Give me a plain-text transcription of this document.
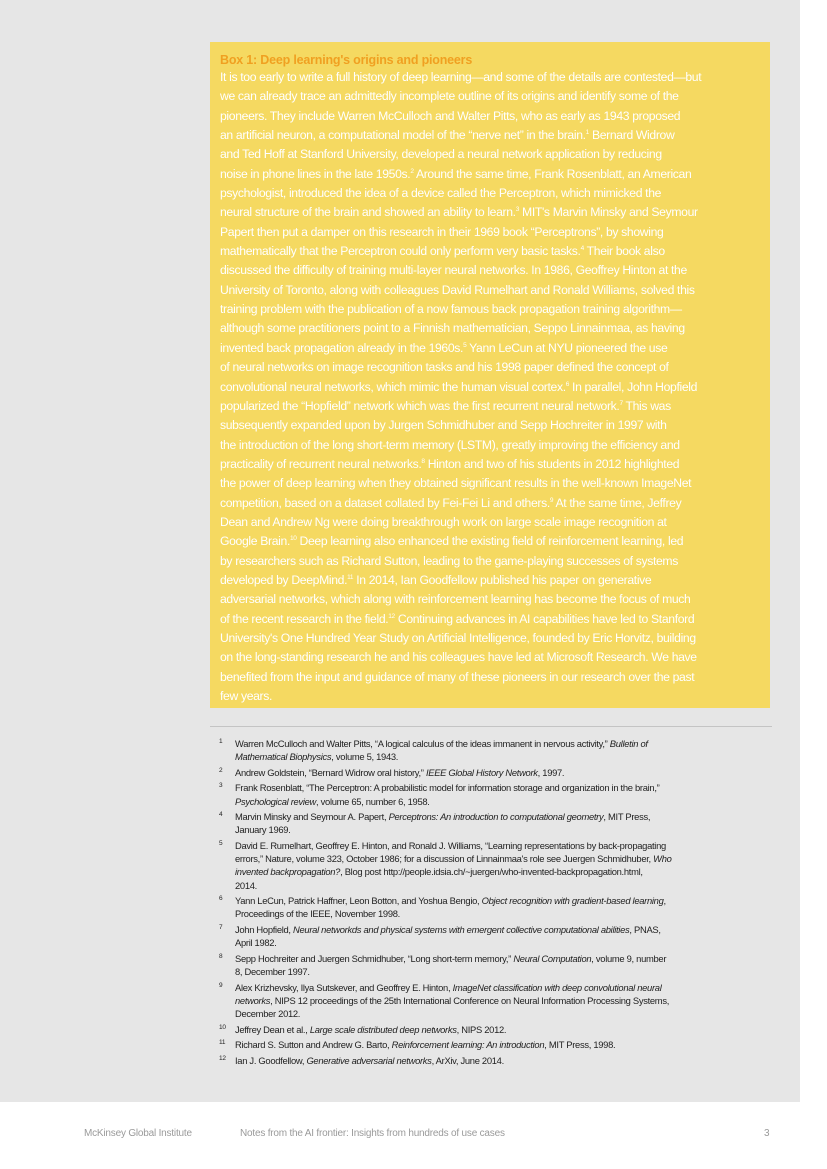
Box 1: Deep learning's origins and pioneers

It is too early to write a full history of deep learning—and some of the details are contested—but
we can already trace an admittedly incomplete outline of its origins and identify some of the
pioneers. They include Warren McCulloch and Walter Pitts, who as early as 1943 proposed
an artificial neuron, a computational model of the “nerve net” in the brain.$^1$ Bernard Widrow
and Ted Hoff at Stanford University, developed a neural network application by reducing
noise in phone lines in the late 1950s.$^2$ Around the same time, Frank Rosenblatt, an American
psychologist, introduced the idea of a device called the Perceptron, which mimicked the
neural structure of the brain and showed an ability to learn.$^3$ MIT's Marvin Minsky and Seymour
Papert then put a damper on this research in their 1969 book “Perceptrons”, by showing
mathematically that the Perceptron could only perform very basic tasks.$^4$ Their book also
discussed the difficulty of training multi-layer neural networks. In 1986, Geoffrey Hinton at the
University of Toronto, along with colleagues David Rumelhart and Ronald Williams, solved this
training problem with the publication of a now famous back propagation training algorithm—
although some practitioners point to a Finnish mathematician, Seppo Linnainmaa, as having
invented back propagation already in the 1960s.$^5$ Yann LeCun at NYU pioneered the use
of neural networks on image recognition tasks and his 1998 paper defined the concept of
convolutional neural networks, which mimic the human visual cortex.$^6$ In parallel, John Hopfield
popularized the “Hopfield” network which was the first recurrent neural network.$^7$ This was
subsequently expanded upon by Jurgen Schmidhuber and Sepp Hochreiter in 1997 with
the introduction of the long short-term memory (LSTM), greatly improving the efficiency and
practicality of recurrent neural networks.$^8$ Hinton and two of his students in 2012 highlighted
the power of deep learning when they obtained significant results in the well-known ImageNet
competition, based on a dataset collated by Fei-Fei Li and others.$^9$ At the same time, Jeffrey
Dean and Andrew Ng were doing breakthrough work on large scale image recognition at
Google Brain.$^{10}$ Deep learning also enhanced the existing field of reinforcement learning, led
by researchers such as Richard Sutton, leading to the game-playing successes of systems
developed by DeepMind.$^{11}$ In 2014, Ian Goodfellow published his paper on generative
adversarial networks, which along with reinforcement learning has become the focus of much
of the recent research in the field.$^{12}$ Continuing advances in AI capabilities have led to Stanford
University's One Hundred Year Study on Artificial Intelligence, founded by Eric Horvitz, building
on the long-standing research he and his colleagues have led at Microsoft Research. We have
benefited from the input and guidance of many of these pioneers in our research over the past
few years.

1	Warren McCulloch and Walter Pitts, “A logical calculus of the ideas immanent in nervous activity,” Bulletin of
Mathematical Biophysics, volume 5, 1943.
2	Andrew Goldstein, “Bernard Widrow oral history,” IEEE Global History Network, 1997.
3	Frank Rosenblatt, “The Perceptron: A probabilistic model for information storage and organization in the brain,”
Psychological review, volume 65, number 6, 1958.
4	Marvin Minsky and Seymour A. Papert, Perceptrons: An introduction to computational geometry, MIT Press,
January 1969.
5	David E. Rumelhart, Geoffrey E. Hinton, and Ronald J. Williams, “Learning representations by back-propagating
errors,” Nature, volume 323, October 1986; for a discussion of Linnainmaa's role see Juergen Schmidhuber, Who
invented backpropagation?, Blog post http://people.idsia.ch/~juergen/who-invented-backpropagation.html,
2014.
6	Yann LeCun, Patrick Haffner, Leon Botton, and Yoshua Bengio, Object recognition with gradient-based learning,
Proceedings of the IEEE, November 1998.
7	John Hopfield, Neural networkds and physical systems with emergent collective computational abilities, PNAS,
April 1982.
8	Sepp Hochreiter and Juergen Schmidhuber, “Long short-term memory,” Neural Computation, volume 9, number
8, December 1997.
9	Alex Krizhevsky, Ilya Sutskever, and Geoffrey E. Hinton, ImageNet classification with deep convolutional neural
networks, NIPS 12 proceedings of the 25th International Conference on Neural Information Processing Systems,
December 2012.
10 Jeffrey Dean et al., Large scale distributed deep networks, NIPS 2012.
11	Richard S. Sutton and Andrew G. Barto, Reinforcement learning: An introduction, MIT Press, 1998.
12 Ian J. Goodfellow, Generative adversarial networks, ArXiv, June 2014.
McKinsey Global Institute	Notes from the AI frontier: Insights from hundreds of use cases	3
